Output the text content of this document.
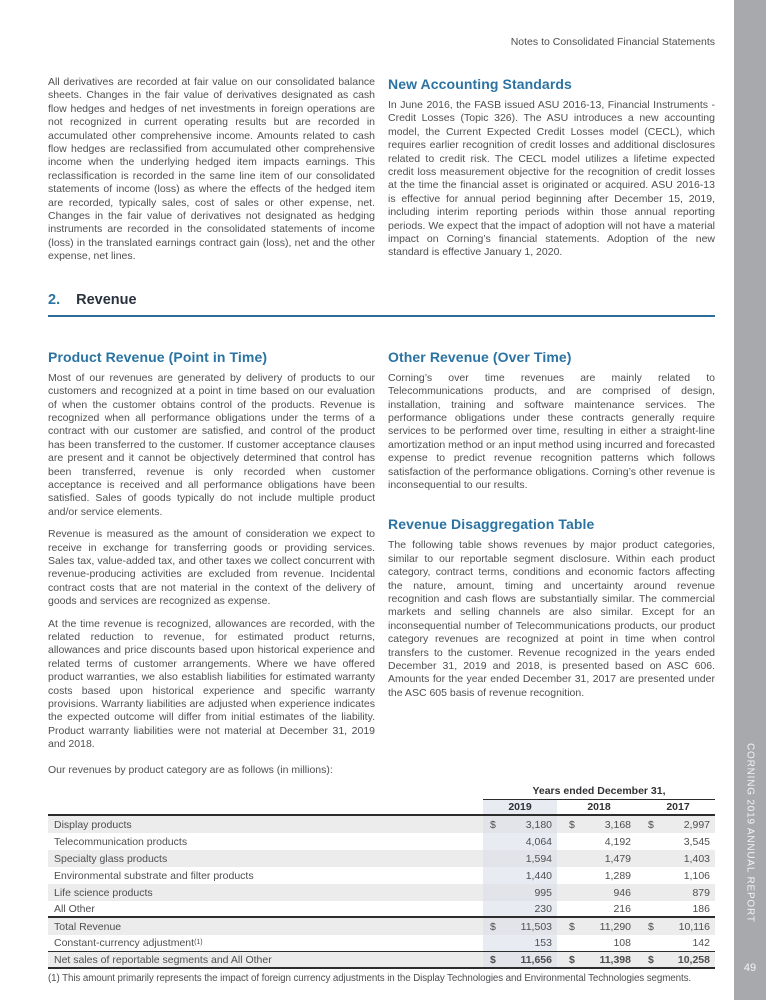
Notes to Consolidated Financial Statements

All derivatives are recorded at fair value on our consolidated balance sheets. Changes in the fair value of derivatives designated as cash flow hedges and hedges of net investments in foreign operations are not recognized in current operating results but are recorded in accumulated other comprehensive income. Amounts related to cash flow hedges are reclassified from accumulated other comprehensive income when the underlying hedged item impacts earnings. This reclassification is recorded in the same line item of our consolidated statements of income (loss) as where the effects of the hedged item are recorded, typically sales, cost of sales or other expense, net. Changes in the fair value of derivatives not designated as hedging instruments are recorded in the consolidated statements of income (loss) in the translated earnings contract gain (loss), net and the other expense, net lines.

New Accounting Standards

In June 2016, the FASB issued ASU 2016-13, Financial Instruments - Credit Losses (Topic 326). The ASU introduces a new accounting model, the Current Expected Credit Losses model (CECL), which requires earlier recognition of credit losses and additional disclosures related to credit risk. The CECL model utilizes a lifetime expected credit loss measurement objective for the recognition of credit losses at the time the financial asset is originated or acquired. ASU 2016-13 is effective for annual period beginning after December 15, 2019, including interim reporting periods within those annual reporting periods. We expect that the impact of adoption will not have a material impact on Corning’s financial statements. Adoption of the new standard is effective January 1, 2020.

2. Revenue
Product Revenue (Point in Time)

Most of our revenues are generated by delivery of products to our customers and recognized at a point in time based on our evaluation of when the customer obtains control of the products. Revenue is recognized when all performance obligations under the terms of a contract with our customer are satisfied, and control of the product has been transferred to the customer. If customer acceptance clauses are present and it cannot be objectively determined that control has been transferred, revenue is only recorded when customer acceptance is received and all performance obligations have been satisfied. Sales of goods typically do not include multiple product and/or service elements.

Revenue is measured as the amount of consideration we expect to receive in exchange for transferring goods or providing services. Sales tax, value-added tax, and other taxes we collect concurrent with revenue-producing activities are excluded from revenue. Incidental contract costs that are not material in the context of the delivery of goods and services are recognized as expense.

At the time revenue is recognized, allowances are recorded, with the related reduction to revenue, for estimated product returns, allowances and price discounts based upon historical experience and related terms of customer arrangements. Where we have offered product warranties, we also establish liabilities for estimated warranty costs based upon historical experience and specific warranty provisions. Warranty liabilities are adjusted when experience indicates the expected outcome will differ from initial estimates of the liability. Product warranty liabilities were not material at December 31, 2019 and 2018.

Our revenues by product category are as follows (in millions):

Other Revenue (Over Time)

Corning’s over time revenues are mainly related to Telecommunications products, and are comprised of design, installation, training and software maintenance services. The performance obligations under these contracts generally require services to be performed over time, resulting in either a straight-line amortization method or an input method using incurred and forecasted expense to predict revenue recognition patterns which follows satisfaction of the performance obligations. Corning’s other revenue is inconsequential to our results.

Revenue Disaggregation Table

The following table shows revenues by major product categories, similar to our reportable segment disclosure. Within each product category, contract terms, conditions and economic factors affecting the nature, amount, timing and uncertainty around revenue recognition and cash flows are substantially similar. The commercial markets and selling channels are also similar. Except for an inconsequential number of Telecommunications products, our product category revenues are recognized at point in time when control transfers to the customer. Revenue recognized in the years ended December 31, 2019 and 2018, is presented based on ASC 606. Amounts for the year ended December 31, 2017 are presented under the ASC 605 basis of revenue recognition.

Years ended December 31,
2019	2018	2017
Display products	$	3,180 $	3,168 $	2,997
Telecommunication products	4,064	4,192	3,545
Specialty glass products	1,594	1,479	1,403
Environmental substrate and filter products	1,440	1,289	1,106
Life science products	995	946	879
All Other	230	216	186
Total Revenue	$	11,503 $	11,290 $	10,116
Constant-currency adjustment (1)	153	108	142
Net sales of reportable segments and All Other	$	11,656 $	11,398 $	10,258

(1) This amount primarily represents the impact of foreign currency adjustments in the Display Technologies and Environmental Technologies segments.

CORNING 2019 ANNUAL REPORT
49
